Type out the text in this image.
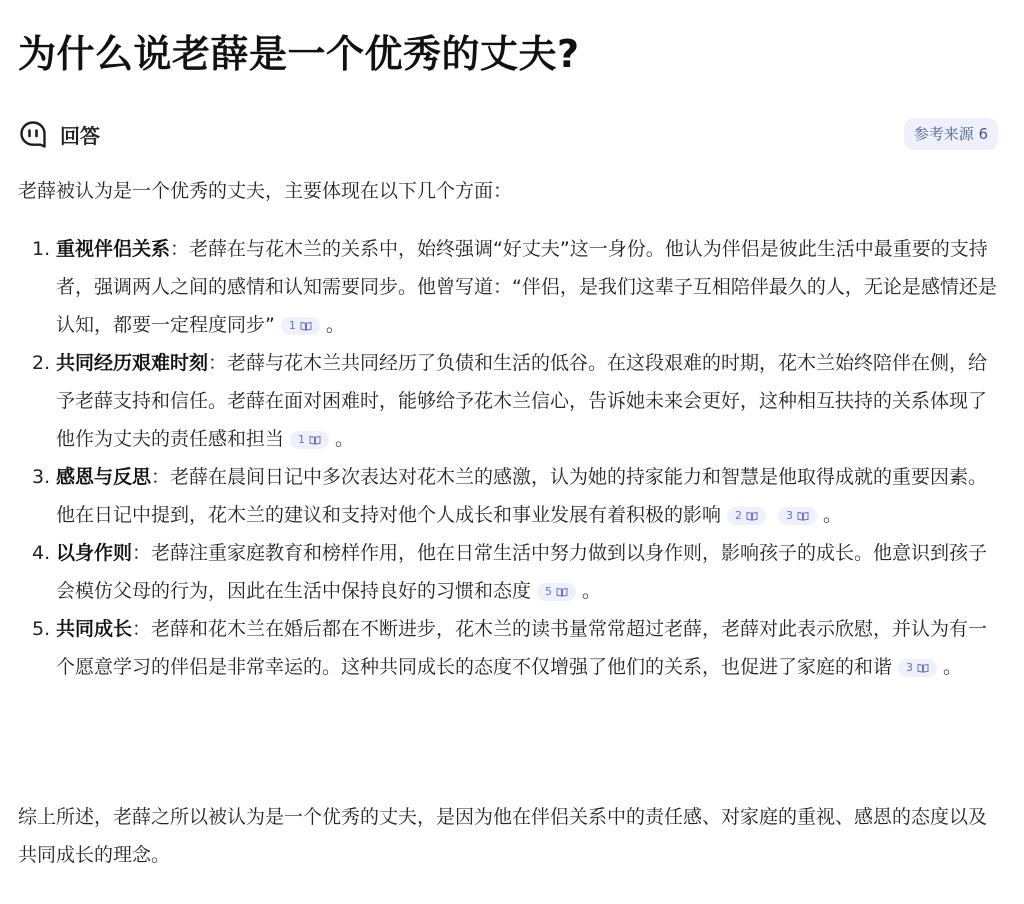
为什么说老薛是一个优秀的丈夫?
回答	参考来源 6
老薛被认为是一个优秀的丈夫，主要体现在以下几个方面：
1. 重视伴侣关系：老薛在与花木兰的关系中，始终强调“好丈夫”这一身份。他认为伴侣是彼此生活中最重要的支持者，强调两人之间的感情和认知需要同步。他曾写道：“伴侣，是我们这辈子互相陪伴最久的人，无论是感情还是认知，都要一定程度同步” 1 。
2. 共同经历艰难时刻：老薛与花木兰共同经历了负债和生活的低谷。在这段艰难的时期，花木兰始终陪伴在侧，给予老薛支持和信任。老薛在面对困难时，能够给予花木兰信心，告诉她未来会更好，这种相互扶持的关系体现了他作为丈夫的责任感和担当 1 。
3. 感恩与反思：老薛在晨间日记中多次表达对花木兰的感激，认为她的持家能力和智慧是他取得成就的重要因素。他在日记中提到，花木兰的建议和支持对他个人成长和事业发展有着积极的影响 2	3 。
4. 以身作则：老薛注重家庭教育和榜样作用，他在日常生活中努力做到以身作则，影响孩子的成长。他意识到孩子会模仿父母的行为，因此在生活中保持良好的习惯和态度 5 。
5. 共同成长：老薛和花木兰在婚后都在不断进步，花木兰的读书量常常超过老薛，老薛对此表示欣慰，并认为有一个愿意学习的伴侣是非常幸运的。这种共同成长的态度不仅增强了他们的关系，也促进了家庭的和谐 3 。
综上所述，老薛之所以被认为是一个优秀的丈夫，是因为他在伴侣关系中的责任感、对家庭的重视、感恩的态度以及共同成长的理念。
